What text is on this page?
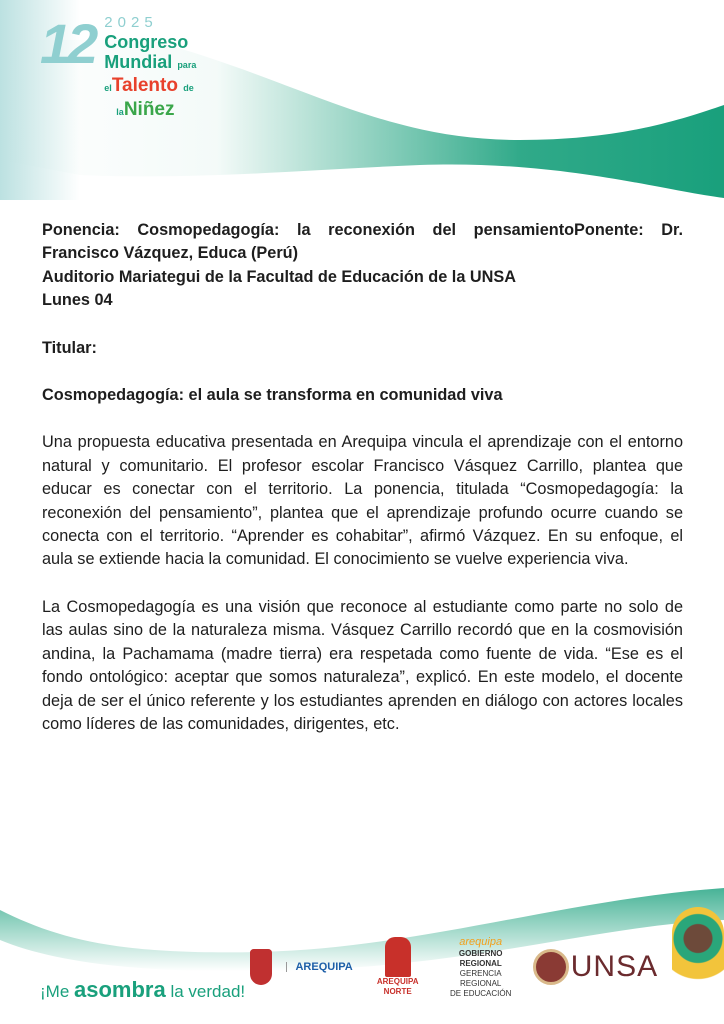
12 2025
Congreso
Mundial para
elTalento de
laNiñez

Ponencia: Cosmopedagogía: la reconexión del pensamientoPonente: Dr. Francisco Vázquez, Educa (Perú)

Auditorio Mariategui de la Facultad de Educación de la UNSA

Lunes 04

Titular:

Cosmopedagogía: el aula se transforma en comunidad viva

Una propuesta educativa presentada en Arequipa vincula el aprendizaje con el entorno natural y comunitario. El profesor escolar Francisco Vásquez Carrillo, plantea que educar es conectar con el territorio. La ponencia, titulada “Cosmopedagogía: la reconexión del pensamiento”, plantea que el aprendizaje profundo ocurre cuando se conecta con el territorio. “Aprender es cohabitar”, afirmó Vázquez. En su enfoque, el aula se extiende hacia la comunidad. El conocimiento se vuelve experiencia viva.

La Cosmopedagogía es una visión que reconoce al estudiante como parte no solo de las aulas sino de la naturaleza misma. Vásquez Carrillo recordó que en la cosmovisión andina, la Pachamama (madre tierra) era respetada como fuente de vida. “Ese es el fondo ontológico: aceptar que somos naturaleza”, explicó. En este modelo, el docente deja de ser el único referente y los estudiantes aprenden en diálogo con actores locales como líderes de las comunidades, dirigentes, etc.

¡Me asombra la verdad!
AREQUIPA
AREQUIPA NORTE
arequipa
GOBIERNO REGIONAL
GERENCIA REGIONAL
DE EDUCACIÓN
UNSA
